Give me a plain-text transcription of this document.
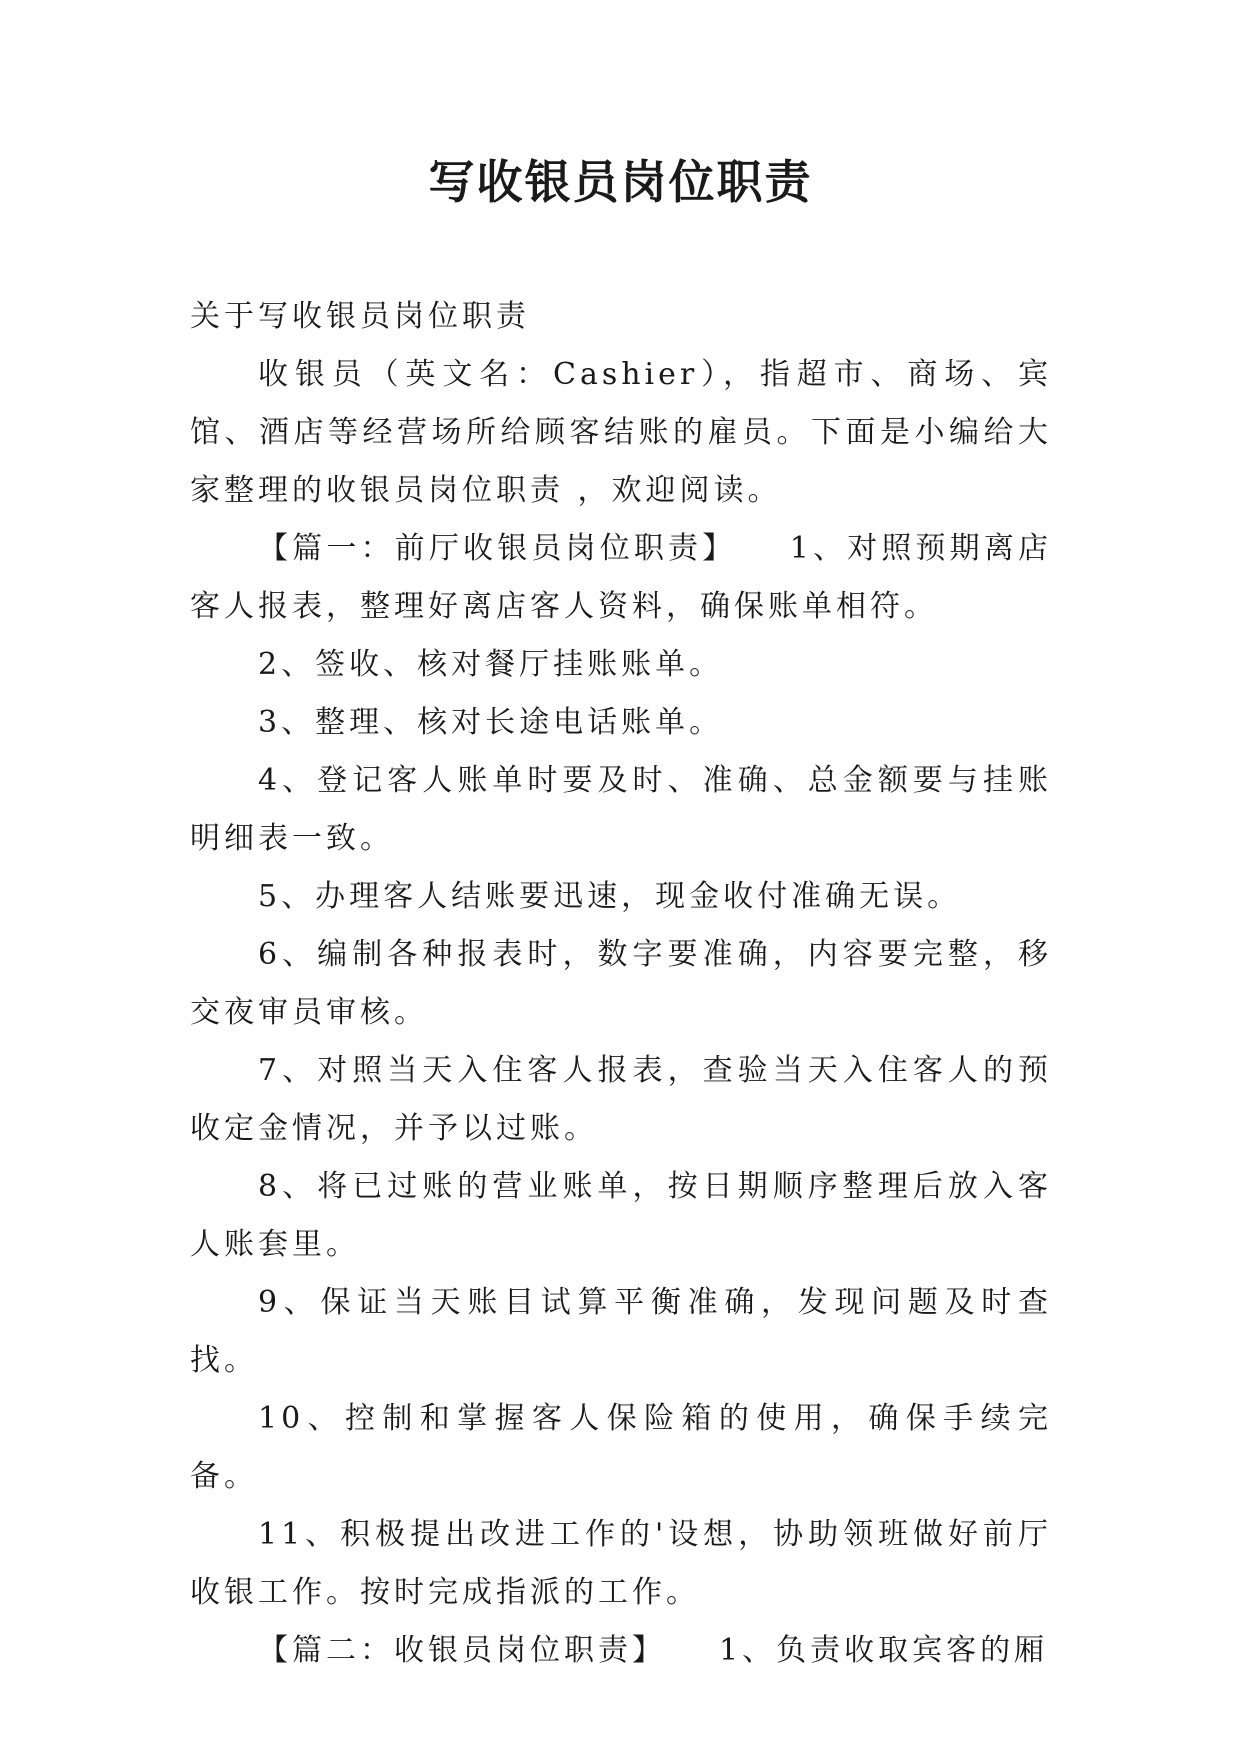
写收银员岗位职责

关于写收银员岗位职责

收银员（英文名：Cashier），指超市、商场、宾馆、酒店等经营场所给顾客结账的雇员。下面是小编给大家整理的收银员岗位职责 ，欢迎阅读。

【篇一：前厅收银员岗位职责】　　1、对照预期离店客人报表，整理好离店客人资料，确保账单相符。

2、签收、核对餐厅挂账账单。

3、整理、核对长途电话账单。

4、登记客人账单时要及时、准确、总金额要与挂账明细表一致。

5、办理客人结账要迅速，现金收付准确无误。

6、编制各种报表时，数字要准确，内容要完整，移交夜审员审核。

7、对照当天入住客人报表，查验当天入住客人的预收定金情况，并予以过账。

8、将已过账的营业账单，按日期顺序整理后放入客人账套里。

9、保证当天账目试算平衡准确，发现问题及时查找。

10、控制和掌握客人保险箱的使用，确保手续完备。

11、积极提出改进工作的'设想，协助领班做好前厅收银工作。按时完成指派的工作。

【篇二：收银员岗位职责】　　1、负责收取宾客的厢
